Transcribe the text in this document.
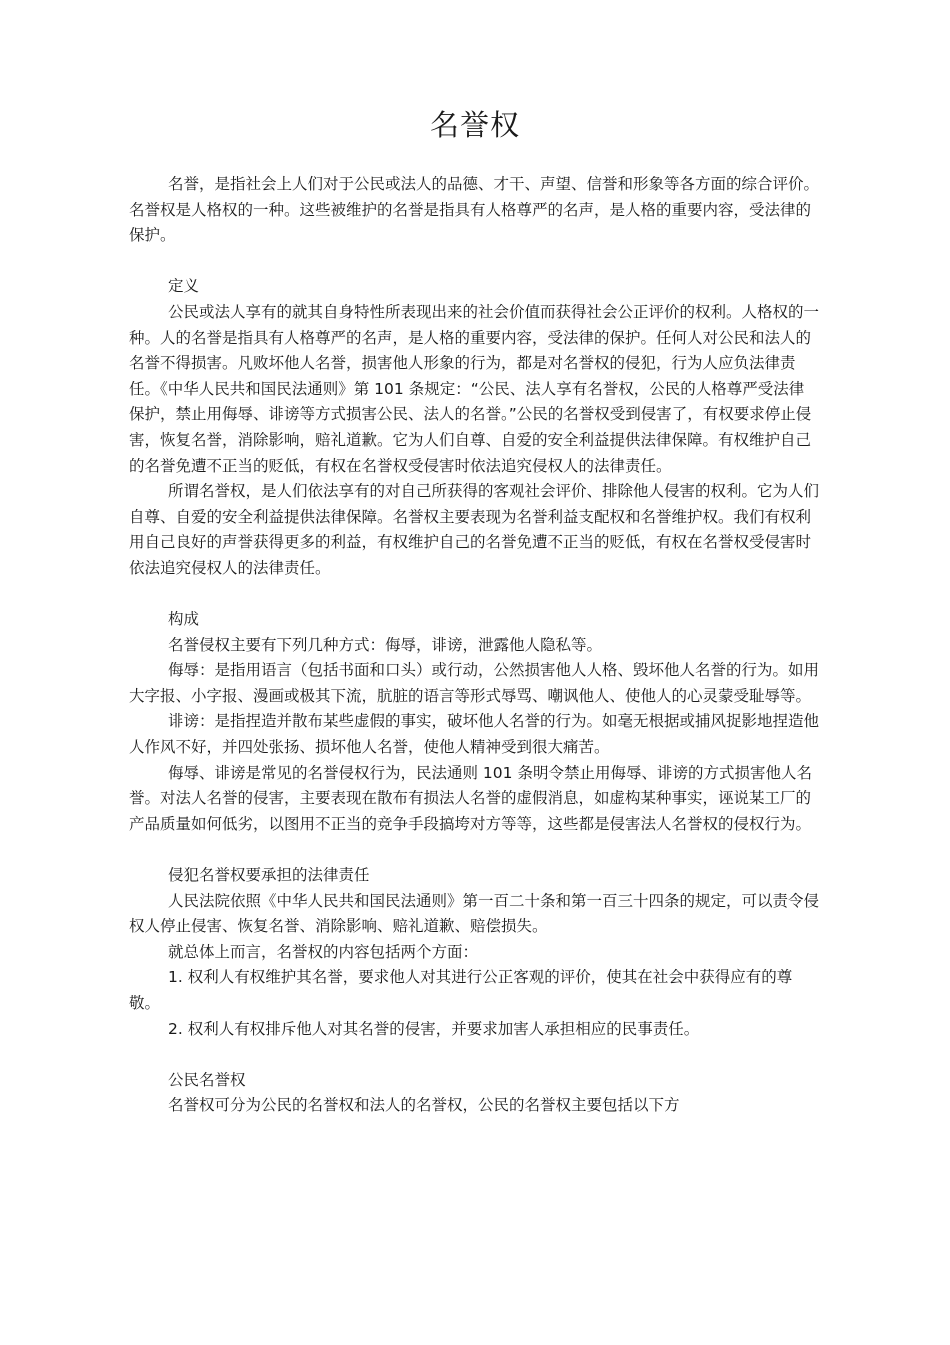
名誉权

名誉，是指社会上人们对于公民或法人的品德、才干、声望、信誉和形象等各方面的综合评价。名誉权是人格权的一种。这些被维护的名誉是指具有人格尊严的名声，是人格的重要内容，受法律的保护。

定义

公民或法人享有的就其自身特性所表现出来的社会价值而获得社会公正评价的权利。人格权的一种。人的名誉是指具有人格尊严的名声，是人格的重要内容，受法律的保护。任何人对公民和法人的名誉不得损害。凡败坏他人名誉，损害他人形象的行为，都是对名誉权的侵犯，行为人应负法律责任。《中华人民共和国民法通则》第 101 条规定：“公民、法人享有名誉权，公民的人格尊严受法律保护，禁止用侮辱、诽谤等方式损害公民、法人的名誉。”公民的名誉权受到侵害了，有权要求停止侵害，恢复名誉，消除影响，赔礼道歉。它为人们自尊、自爱的安全利益提供法律保障。有权维护自己的名誉免遭不正当的贬低，有权在名誉权受侵害时依法追究侵权人的法律责任。

所谓名誉权，是人们依法享有的对自己所获得的客观社会评价、排除他人侵害的权利。它为人们自尊、自爱的安全利益提供法律保障。名誉权主要表现为名誉利益支配权和名誉维护权。我们有权利用自己良好的声誉获得更多的利益，有权维护自己的名誉免遭不正当的贬低，有权在名誉权受侵害时依法追究侵权人的法律责任。

构成

名誉侵权主要有下列几种方式：侮辱，诽谤，泄露他人隐私等。

侮辱：是指用语言（包括书面和口头）或行动，公然损害他人人格、毁坏他人名誉的行为。如用大字报、小字报、漫画或极其下流，肮脏的语言等形式辱骂、嘲讽他人、使他人的心灵蒙受耻辱等。

诽谤：是指捏造并散布某些虚假的事实，破坏他人名誉的行为。如毫无根据或捕风捉影地捏造他人作风不好，并四处张扬、损坏他人名誉，使他人精神受到很大痛苦。

侮辱、诽谤是常见的名誉侵权行为，民法通则 101 条明令禁止用侮辱、诽谤的方式损害他人名誉。对法人名誉的侵害，主要表现在散布有损法人名誉的虚假消息，如虚构某种事实，诬说某工厂的产品质量如何低劣，以图用不正当的竞争手段搞垮对方等等，这些都是侵害法人名誉权的侵权行为。

侵犯名誉权要承担的法律责任

人民法院依照《中华人民共和国民法通则》第一百二十条和第一百三十四条的规定，可以责令侵权人停止侵害、恢复名誉、消除影响、赔礼道歉、赔偿损失。

就总体上而言，名誉权的内容包括两个方面：

1. 权利人有权维护其名誉，要求他人对其进行公正客观的评价，使其在社会中获得应有的尊敬。

2. 权利人有权排斥他人对其名誉的侵害，并要求加害人承担相应的民事责任。

公民名誉权

名誉权可分为公民的名誉权和法人的名誉权，公民的名誉权主要包括以下方
